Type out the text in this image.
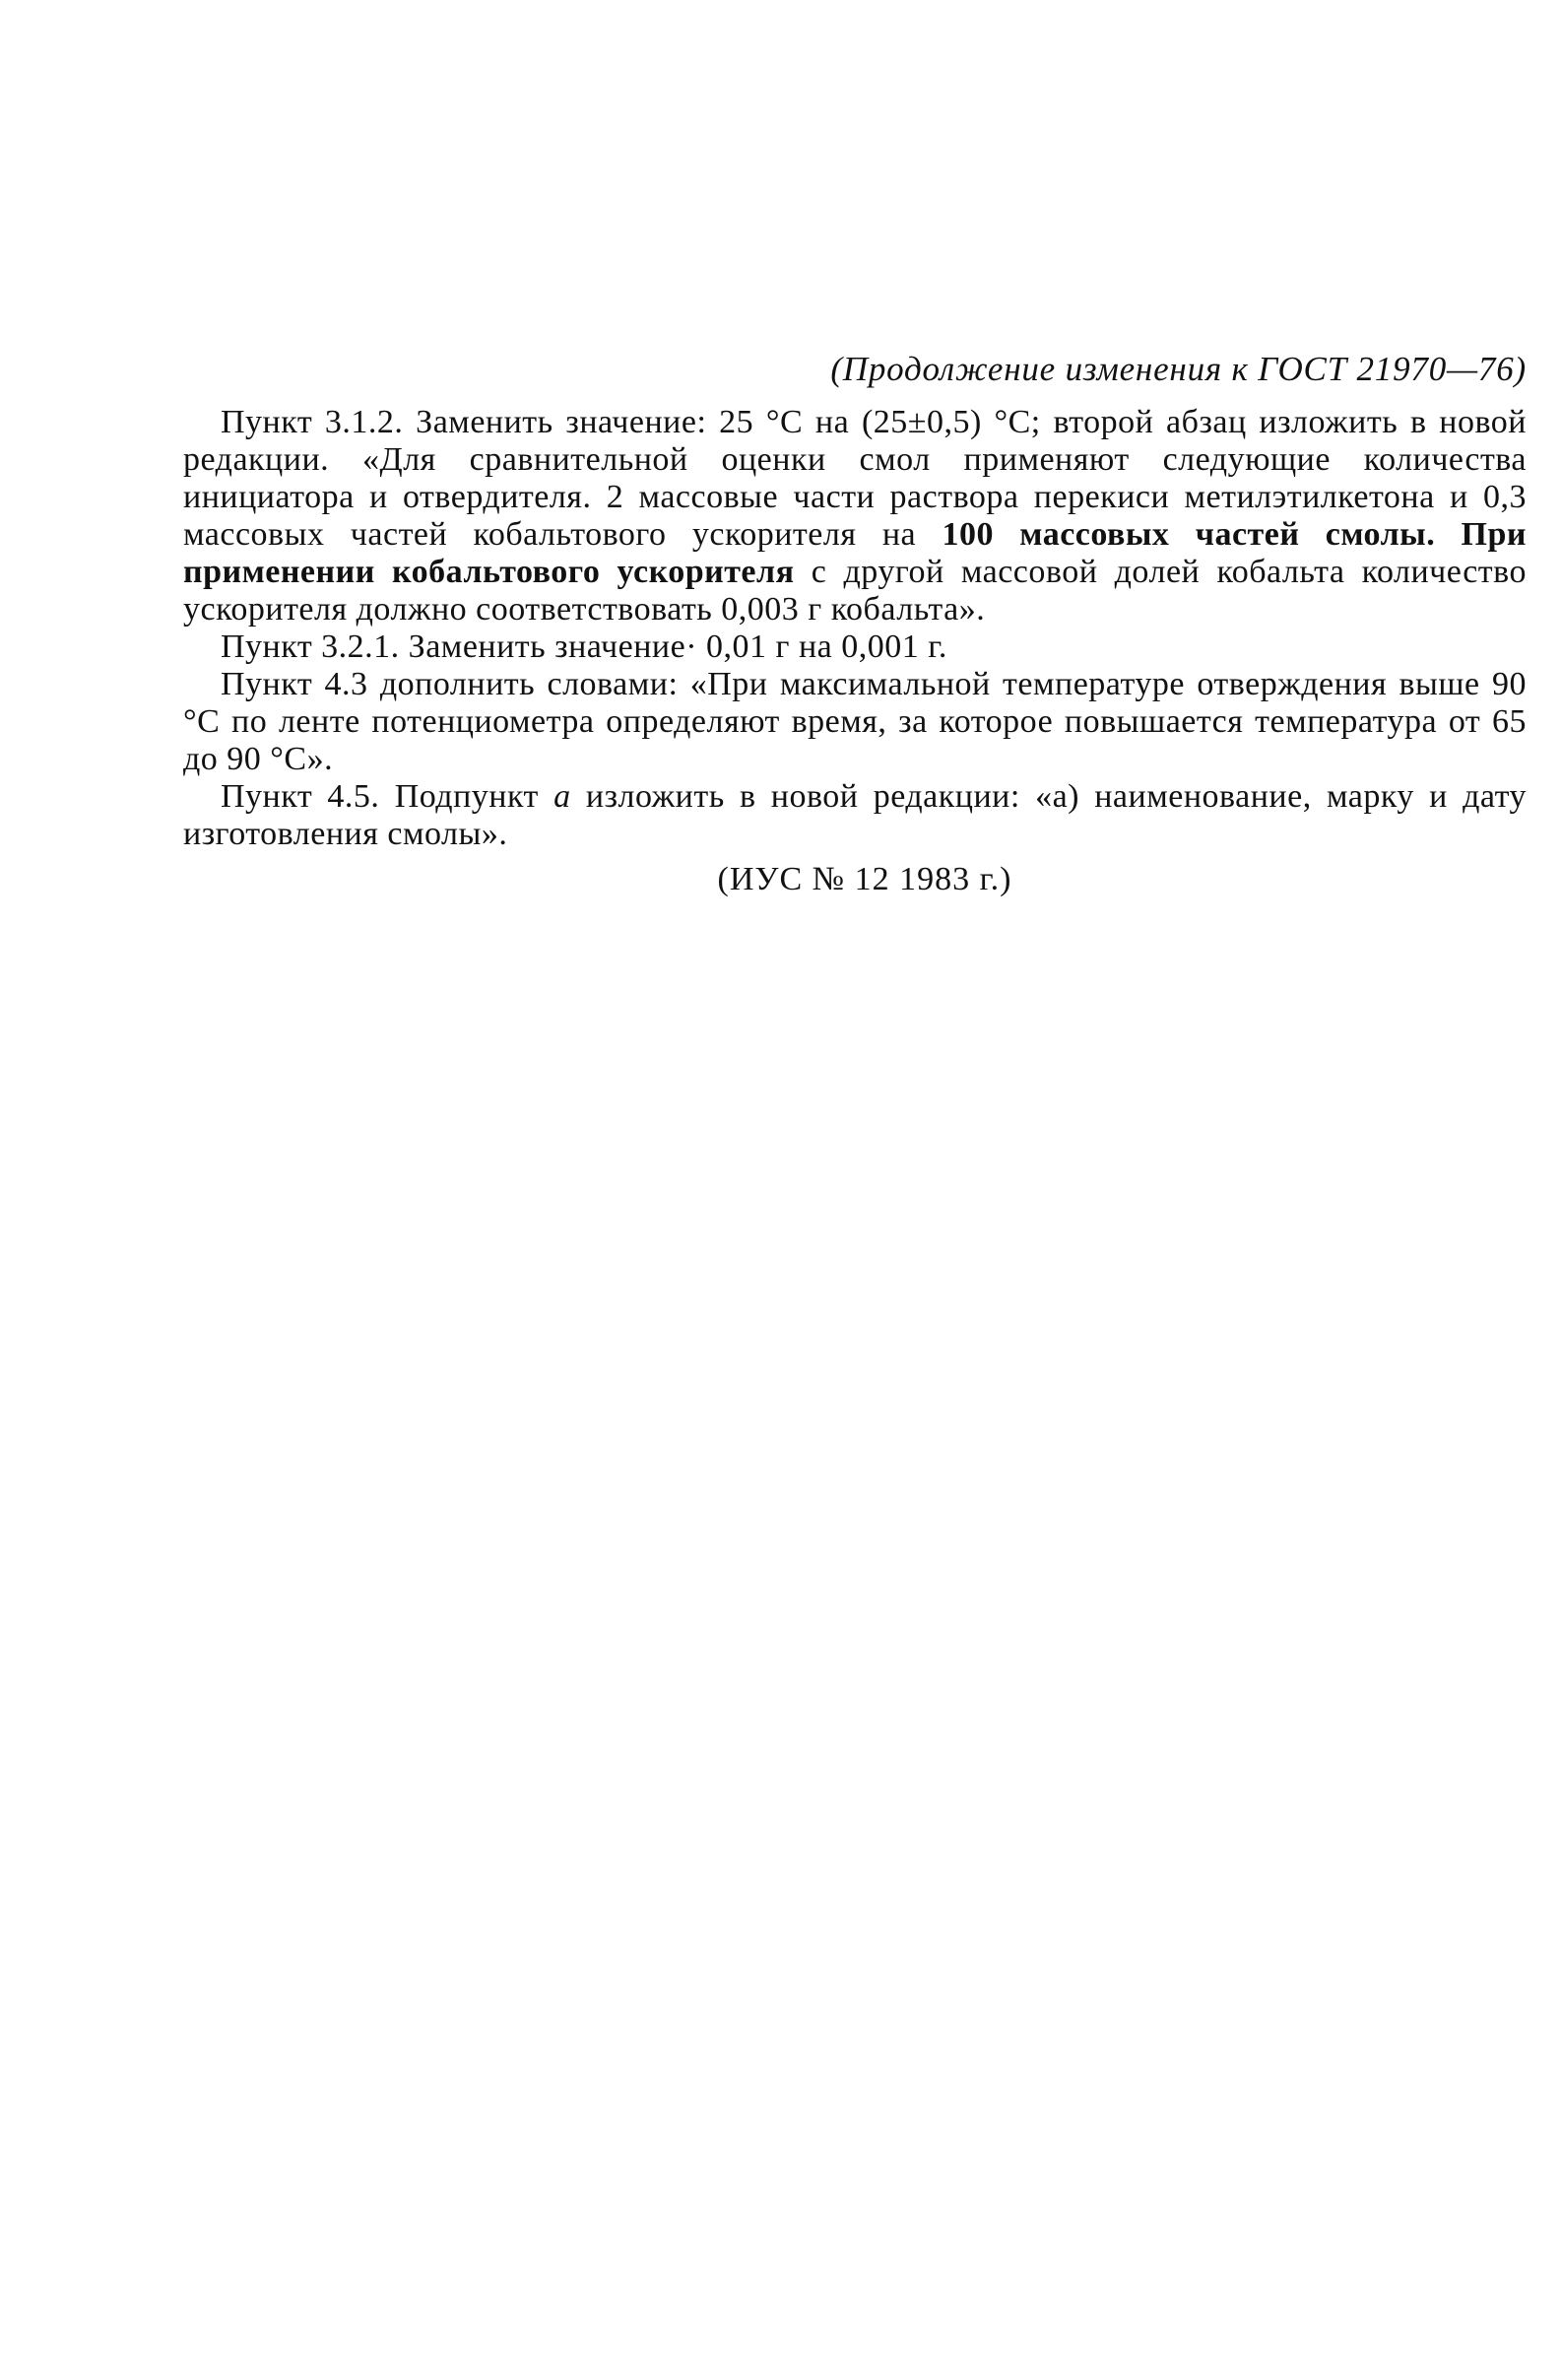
(Продолжение изменения к ГОСТ 21970—76)

Пункт 3.1.2. Заменить значение: 25 °C на (25±0,5) °C; второй абзац изложить в новой редакции. «Для сравнительной оценки смол применяют следующие количества инициатора и отвердителя. 2 массовые части раствора перекиси метилэтилкетона и 0,3 массовых частей кобальтового ускорителя на 100 массовых частей смолы. При применении кобальтового ускорителя с другой массовой долей кобальта количество ускорителя должно соответствовать 0,003 г кобальта».

Пункт 3.2.1. Заменить значение· 0,01 г на 0,001 г.

Пункт 4.3 дополнить словами: «При максимальной температуре отверждения выше 90 °C по ленте потенциометра определяют время, за которое повышается температура от 65 до 90 °C».

Пункт 4.5. Подпункт а изложить в новой редакции: «а) наименование, марку и дату изготовления смолы».

(ИУС № 12 1983 г.)
